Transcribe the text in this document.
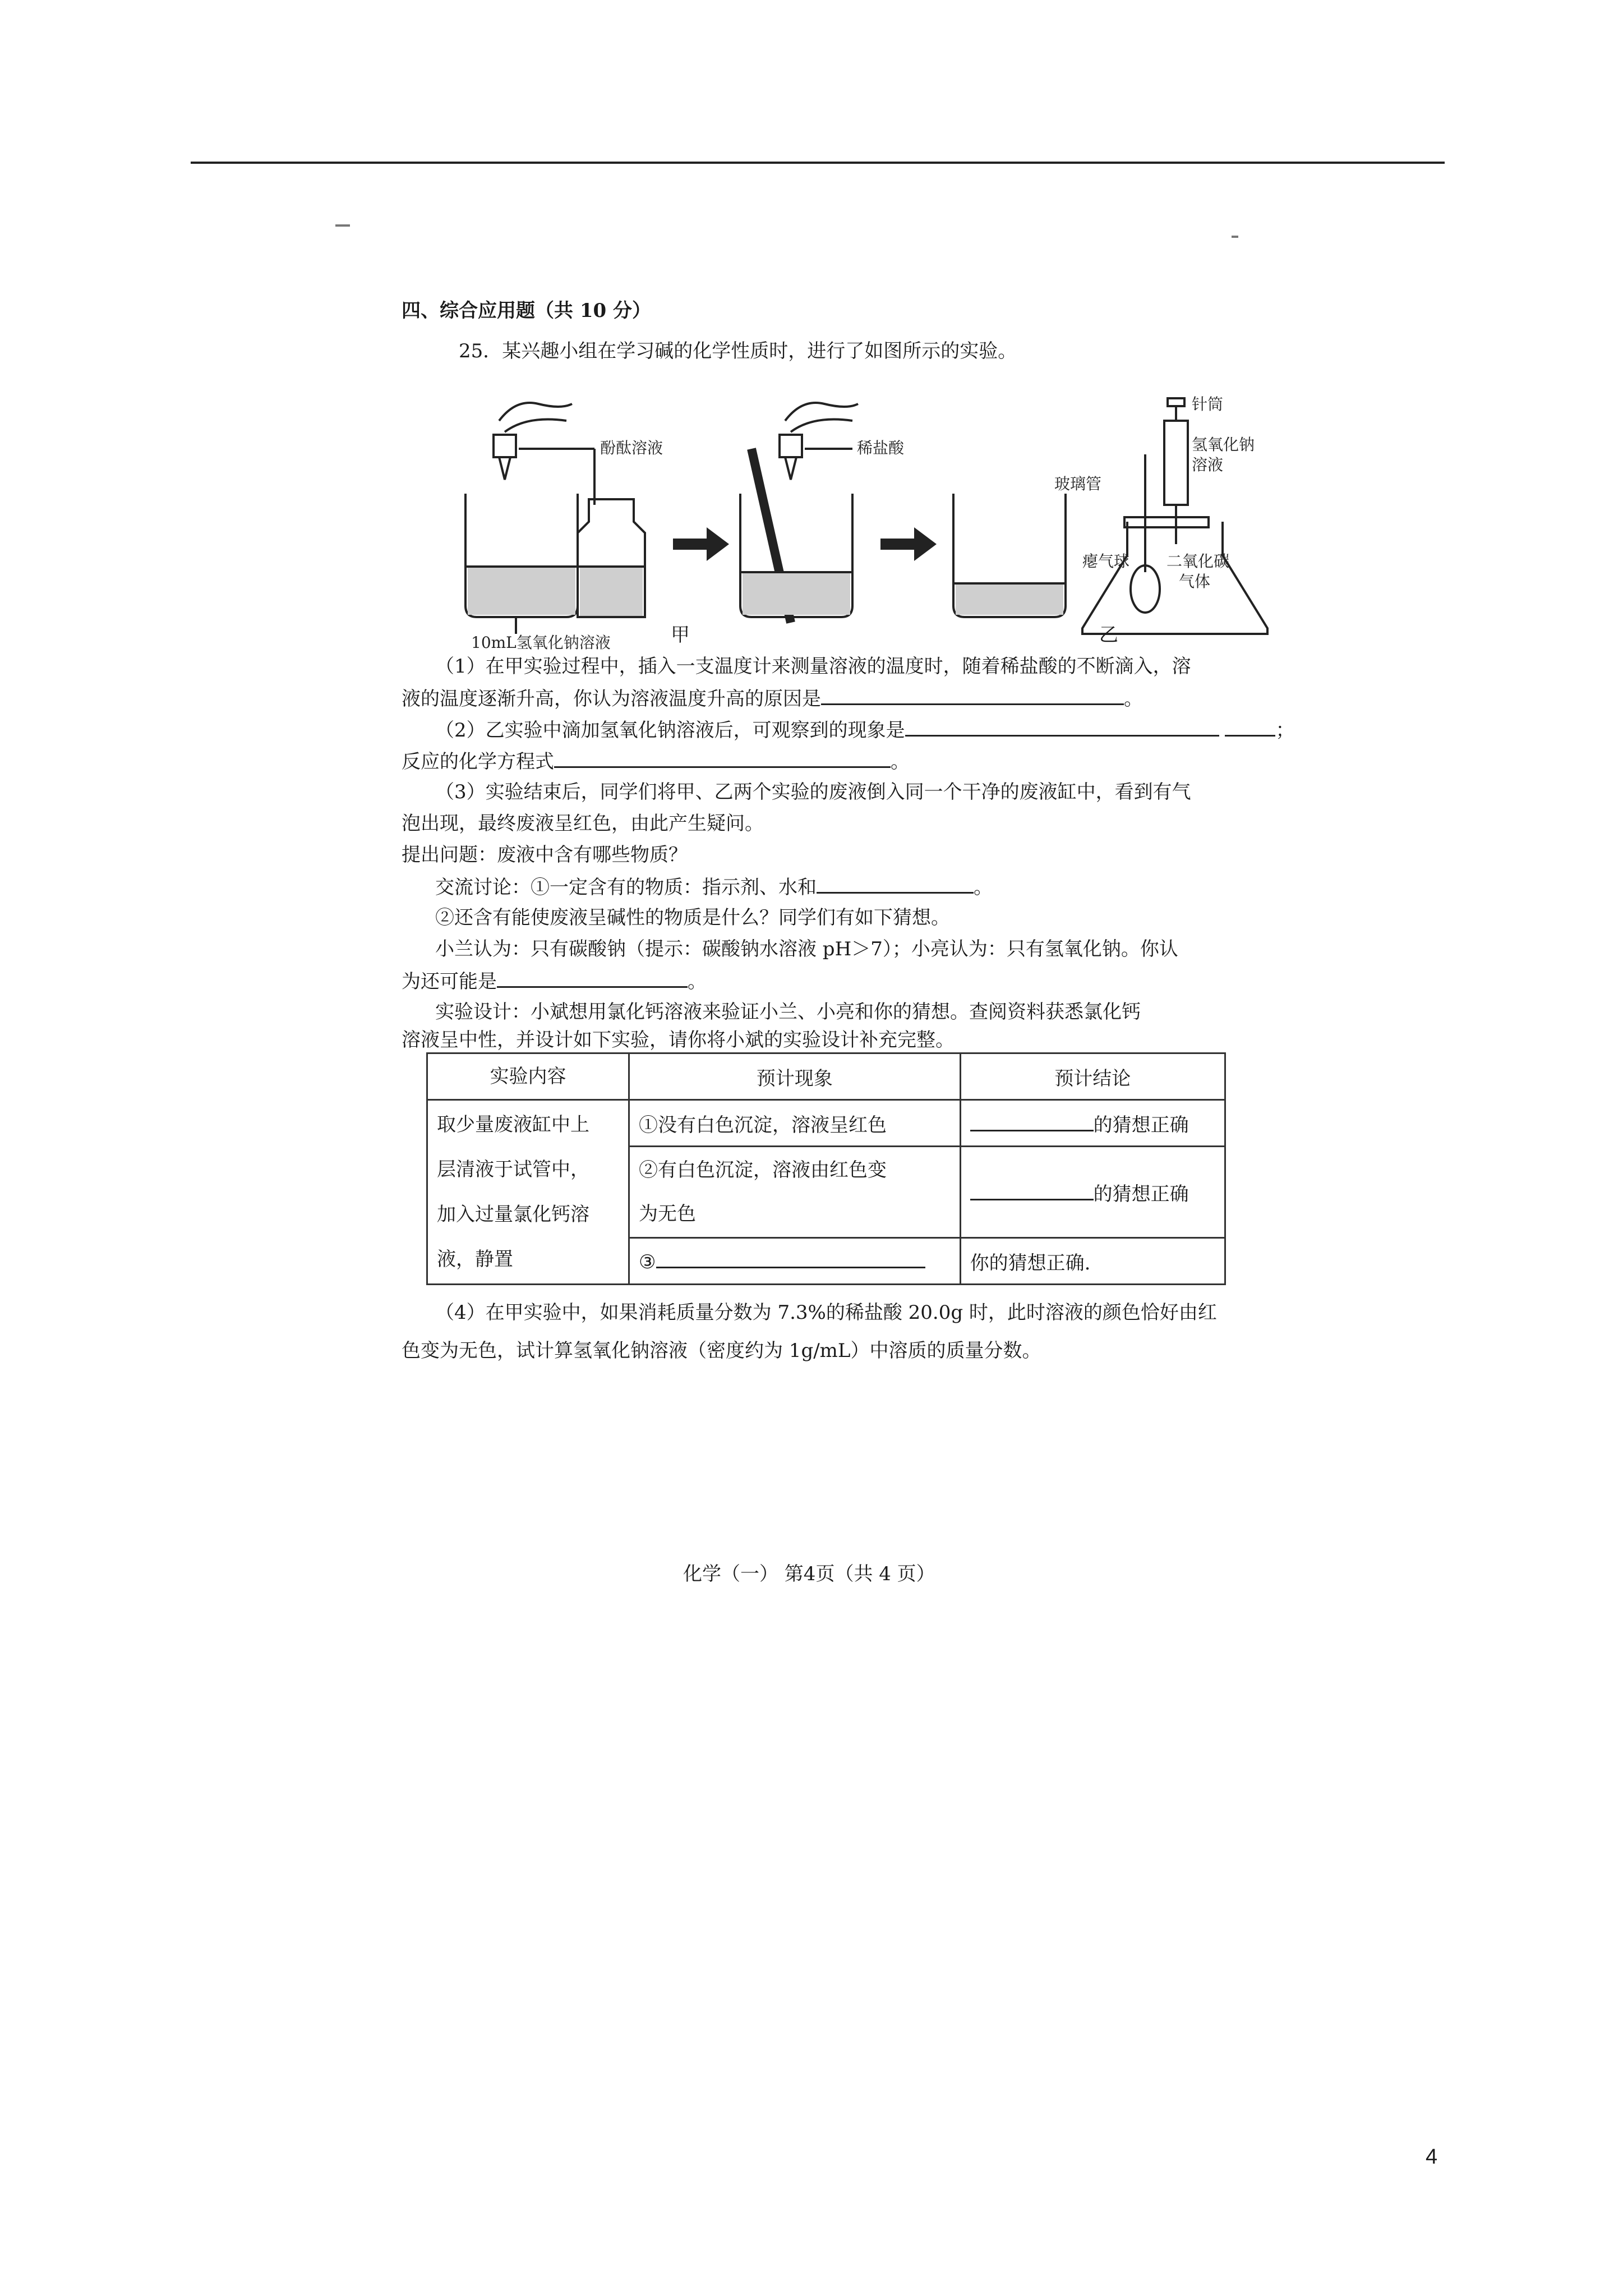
四、综合应用题（共 10 分）
25．某兴趣小组在学习碱的化学性质时，进行了如图所示的实验。
酚酞溶液
10mL氢氧化钠溶液
稀盐酸
针筒
氢氧化钠
溶液
玻璃管
瘪气球 二氧化碳
气体
甲	乙
（1）在甲实验过程中，插入一支温度计来测量溶液的温度时，随着稀盐酸的不断滴入，溶
液的温度逐渐升高，你认为溶液温度升高的原因是	。
（2）乙实验中滴加氢氧化钠溶液后，可观察到的现象是	；
反应的化学方程式	。
（3）实验结束后，同学们将甲、乙两个实验的废液倒入同一个干净的废液缸中，看到有气
泡出现，最终废液呈红色，由此产生疑问。
提出问题：废液中含有哪些物质？
交流讨论：①一定含有的物质：指示剂、水和	。
②还含有能使废液呈碱性的物质是什么？同学们有如下猜想。
小兰认为：只有碳酸钠（提示：碳酸钠水溶液 pH＞7）；小亮认为：只有氢氧化钠。你认
为还可能是	。
实验设计：小斌想用氯化钙溶液来验证小兰、小亮和你的猜想。查阅资料获悉氯化钙
溶液呈中性，并设计如下实验，请你将小斌的实验设计补充完整。
实验内容	预计现象	预计结论

取少量废液缸中上
层清液于试管中，
加入过量氯化钙溶
液，静置	①没有白色沉淀，溶液呈红色	的猜想正确

	②有白色沉淀，溶液由红色变
为无色	的猜想正确
	③	你的猜想正确.
（4）在甲实验中，如果消耗质量分数为 7.3%的稀盐酸 20.0g 时，此时溶液的颜色恰好由红
色变为无色，试计算氢氧化钠溶液（密度约为 1g/mL）中溶质的质量分数。
化学（一） 第4页（共 4 页）
4
